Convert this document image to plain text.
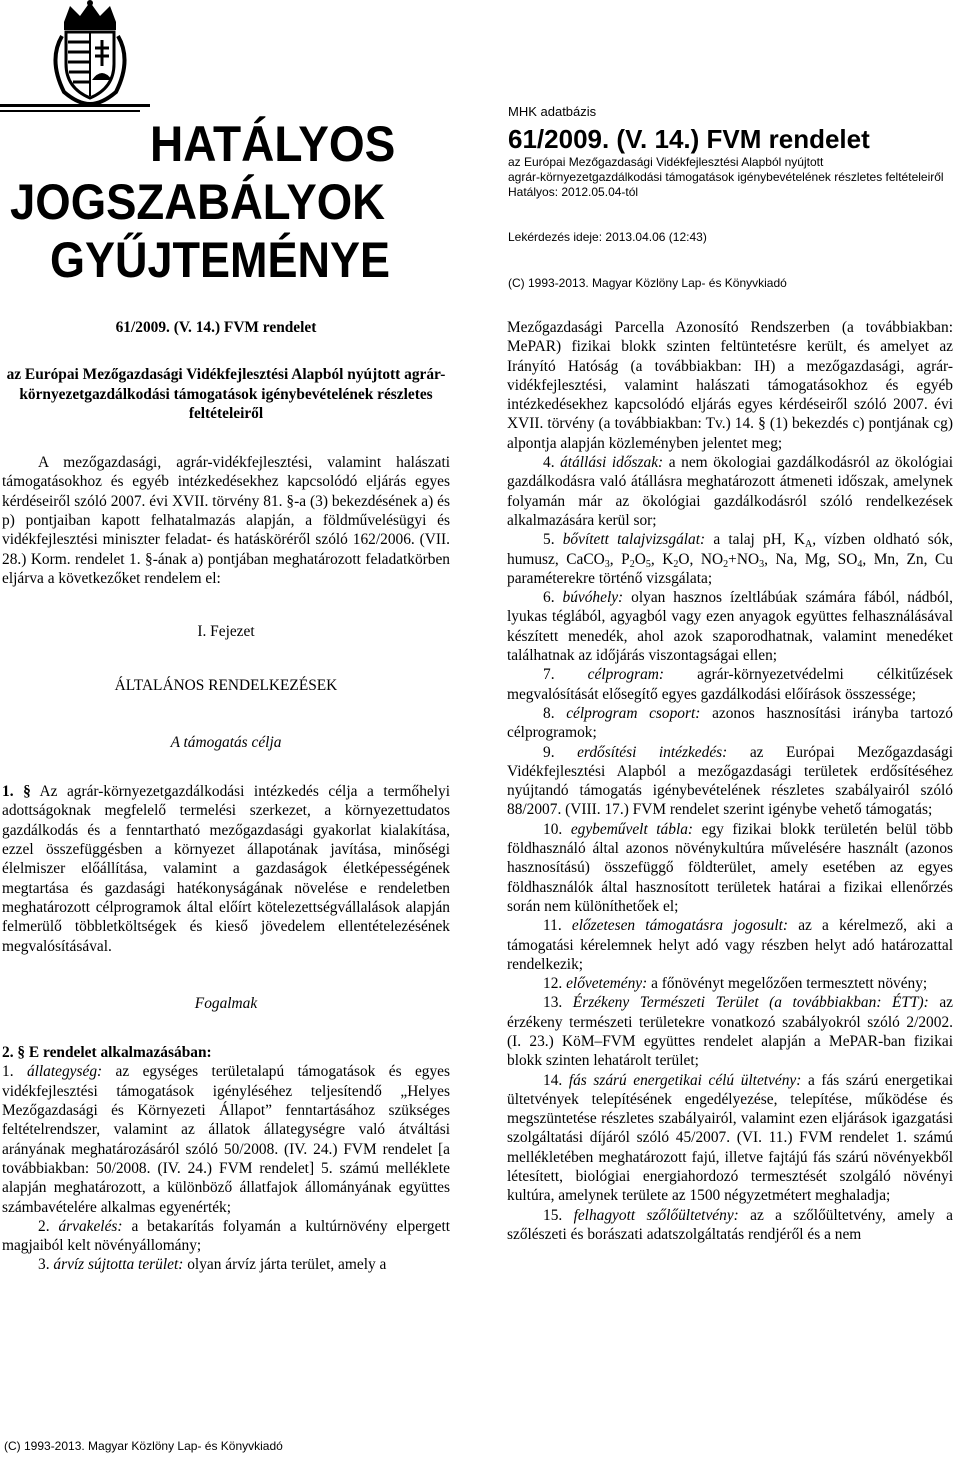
HATÁLYOS
JOGSZABÁLYOK
GYŰJTEMÉNYE
MHK adatbázis
61/2009. (V. 14.) FVM rendelet
az Európai Mezőgazdasági Vidékfejlesztési Alapból nyújtott
agrár-környezetgazdálkodási támogatások igénybevételének részletes feltételeiről
Hatályos: 2012.05.04-tól
Lekérdezés ideje: 2013.04.06 (12:43)
(C) 1993-2013. Magyar Közlöny Lap- és Könyvkiadó

61/2009. (V. 14.) FVM rendelet

az Európai Mezőgazdasági Vidékfejlesztési Alapból nyújtott agrár-környezetgazdálkodási támogatások igénybevételének részletes feltételeiről

A mezőgazdasági, agrár-vidékfejlesztési, valamint halászati támogatásokhoz és egyéb intézkedésekhez kapcsolódó eljárás egyes kérdéseiről szóló 2007. évi XVII. törvény 81. §-a (3) bekezdésének a) és p) pontjaiban kapott felhatalmazás alapján, a földművelésügyi és vidékfejlesztési miniszter feladat- és hatásköréről szóló 162/2006. (VII. 28.) Korm. rendelet 1. §-ának a) pontjában meghatározott feladatkörben eljárva a következőket rendelem el:

I. Fejezet

ÁLTALÁNOS RENDELKEZÉSEK

A támogatás célja

1. § Az agrár-környezetgazdálkodási intézkedés célja a termőhelyi adottságoknak megfelelő termelési szerkezet, a környezettudatos gazdálkodás és a fenntartható mezőgazdasági gyakorlat kialakítása, ezzel összefüggésben a környezet állapotának javítása, minőségi élelmiszer előállítása, valamint a gazdaságok életképességének megtartása és gazdasági hatékonyságának növelése e rendeletben meghatározott célprogramok által előírt kötelezettségvállalások alapján felmerülő többletköltségek és kieső jövedelem ellentételezésének megvalósításával.

Fogalmak

2. § E rendelet alkalmazásában:

1. állategység: az egységes területalapú támogatások és egyes vidékfejlesztési támogatások igényléséhez teljesítendő „Helyes Mezőgazdasági és Környezeti Állapot” fenntartásához szükséges feltételrendszer, valamint az állatok állategységre való átváltási arányának meghatározásáról szóló 50/2008. (IV. 24.) FVM rendelet [a továbbiakban: 50/2008. (IV. 24.) FVM rendelet] 5. számú melléklete alapján meghatározott, a különböző állatfajok állományának együttes számbavételére alkalmas egyenérték;

2. árvakelés: a betakarítás folyamán a kultúrnövény elpergett magjaiból kelt növényállomány;

3. árvíz sújtotta terület: olyan árvíz járta terület, amely a

Mezőgazdasági Parcella Azonosító Rendszerben (a továbbiakban: MePAR) fizikai blokk szinten feltüntetésre került, és amelyet az Irányító Hatóság (a továbbiakban: IH) a mezőgazdasági, agrár-vidékfejlesztési, valamint halászati támogatásokhoz és egyéb intézkedésekhez kapcsolódó eljárás egyes kérdéseiről szóló 2007. évi XVII. törvény (a továbbiakban: Tv.) 14. § (1) bekezdés c) pontjának cg) alpontja alapján közleményben jelentet meg;

4. átállási időszak: a nem ökologiai gazdálkodásról az ökológiai gazdálkodásra való átállásra meghatározott átmeneti időszak, amelynek folyamán már az ökológiai gazdálkodásról szóló rendelkezések alkalmazására kerül sor;

5. bővített talajvizsgálat: a talaj pH, $K_A$, vízben oldható sók, humusz, CaCO$_3$, $P_2O_5$, $K_2O$, $NO_2+NO_3$, Na, Mg, $SO_4$, Mn, Zn, Cu paraméterekre történő vizsgálata;

6. búvóhely: olyan hasznos ízeltlábúak számára fából, nádból, lyukas téglából, agyagból vagy ezen anyagok együttes felhasználásával készített menedék, ahol azok szaporodhatnak, valamint menedéket találhatnak az időjárás viszontagságai ellen;

7. célprogram: agrár-környezetvédelmi célkitűzések megvalósítását elősegítő egyes gazdálkodási előírások összessége;

8. célprogram csoport: azonos hasznosítási irányba tartozó célprogramok;

9. erdősítési intézkedés: az Európai Mezőgazdasági Vidékfejlesztési Alapból a mezőgazdasági területek erdősítéséhez nyújtandó támogatás igénybevételének részletes szabályairól szóló 88/2007. (VIII. 17.) FVM rendelet szerint igénybe vehető támogatás;

10. egybeművelt tábla: egy fizikai blokk területén belül több földhasználó által azonos növénykultúra művelésére használt (azonos hasznosítású) összefüggő földterület, amely esetében az egyes földhasználók által hasznosított területek határai a fizikai ellenőrzés során nem különíthetőek el;

11. előzetesen támogatásra jogosult: az a kérelmező, aki a támogatási kérelemnek helyt adó vagy részben helyt adó határozattal rendelkezik;

12. elővetemény: a főnövényt megelőzően termesztett növény;

13. Érzékeny Természeti Terület (a továbbiakban: ÉTT): az érzékeny természeti területekre vonatkozó szabályokról szóló 2/2002. (I. 23.) KöM–FVM együttes rendelet alapján a MePAR-ban fizikai blokk szinten lehatárolt terület;

14. fás szárú energetikai célú ültetvény: a fás szárú energetikai ültetvények telepítésének engedélyezése, telepítése, működése és megszüntetése részletes szabályairól, valamint ezen eljárások igazgatási szolgáltatási díjáról szóló 45/2007. (VI. 11.) FVM rendelet 1. számú mellékletében meghatározott fajú, illetve fajtájú fás szárú növényekből létesített, biológiai energiahordozó termesztését szolgáló növényi kultúra, amelynek területe az 1500 négyzetmétert meghaladja;

15. felhagyott szőlőültetvény: az a szőlőültetvény, amely a szőlészeti és borászati adatszolgáltatás rendjéről és a nem

(C) 1993-2013. Magyar Közlöny Lap- és Könyvkiadó
